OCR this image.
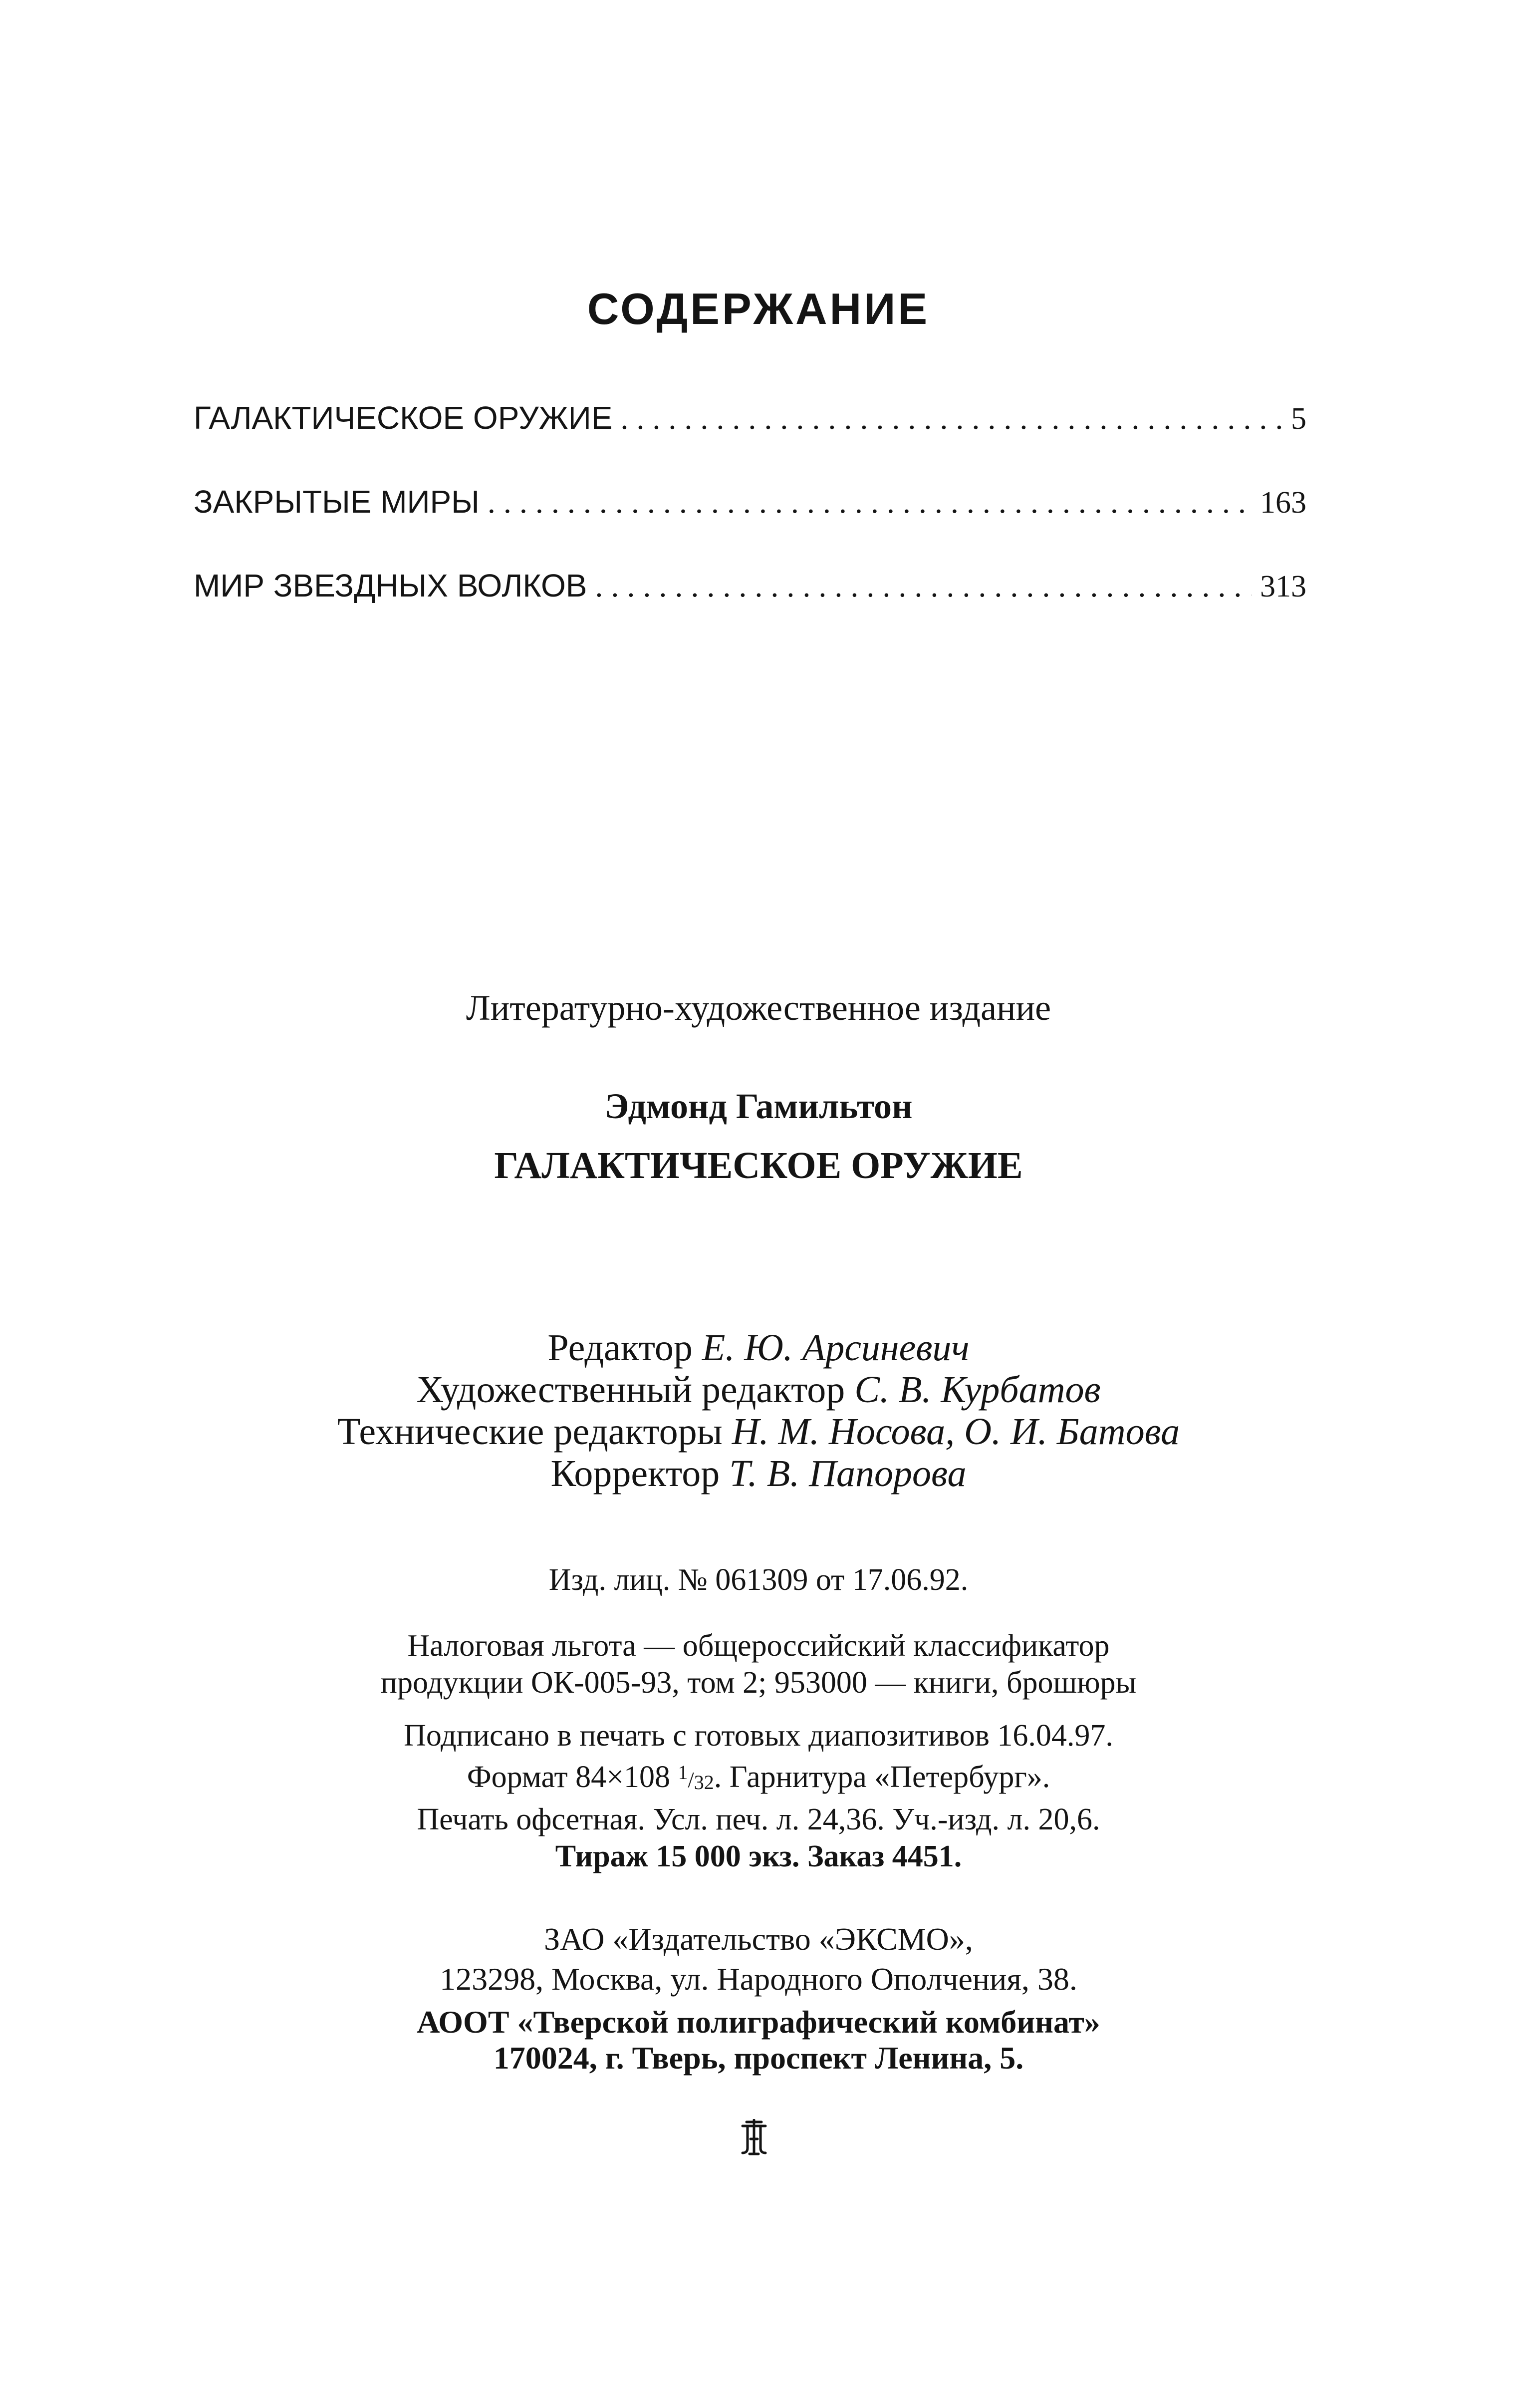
СОДЕРЖАНИЕ
ГАЛАКТИЧЕСКОЕ ОРУЖИЕ . . .	5
ЗАКРЫТЫЕ МИРЫ . . .	163
МИР ЗВЕЗДНЫХ ВОЛКОВ . . .	313
Литературно-художественное издание
Эдмонд Гамильтон
ГАЛАКТИЧЕСКОЕ ОРУЖИЕ
Редактор Е. Ю. Арсиневич
Художественный редактор С. В. Курбатов
Технические редакторы Н. М. Носова, О. И. Батова
Корректор Т. В. Папорова
Изд. лиц. № 061309 от 17.06.92.
Налоговая льгота — общероссийский классификатор
продукции ОК-005-93, том 2; 953000 — книги, брошюры
Подписано в печать с готовых диапозитивов 16.04.97.
Формат 84×108 $^1/_{32}$. Гарнитура «Петербург».
Печать офсетная. Усл. печ. л. 24,36. Уч.-изд. л. 20,6.
Тираж 15 000 экз. Заказ 4451.
ЗАО «Издательство «ЭКСМО»,
123298, Москва, ул. Народного Ополчения, 38.
АООТ «Тверской полиграфический комбинат»
170024, г. Тверь, проспект Ленина, 5.
